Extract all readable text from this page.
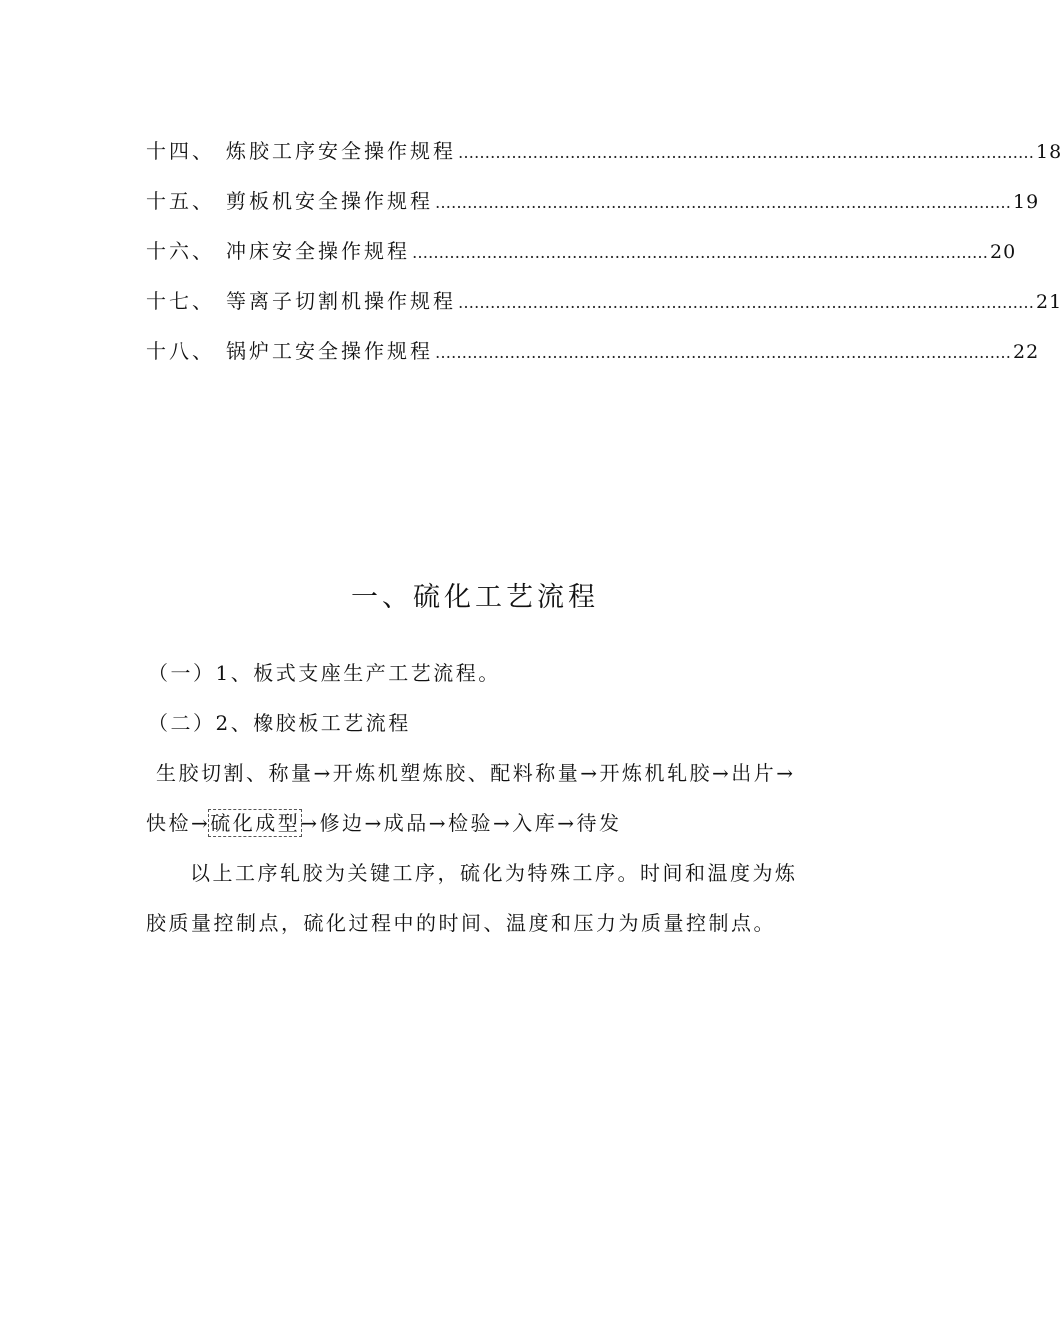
十四、 炼胶工序安全操作规程 ……………………………………………………………………………………………… 18
十五、 剪板机安全操作规程 ……………………………………………………………………………………………… 19
十六、 冲床安全操作规程 ……………………………………………………………………………………………… 20
十七、 等离子切割机操作规程 ……………………………………………………………………………………………… 21
十八、 锅炉工安全操作规程 ……………………………………………………………………………………………… 22
一、硫化工艺流程
（一）1、板式支座生产工艺流程。
（二）2、橡胶板工艺流程
生胶切割、称量→开炼机塑炼胶、配料称量→开炼机轧胶→出片→
快检→硫化成型→修边→成品→检验→入库→待发
以上工序轧胶为关键工序，硫化为特殊工序。时间和温度为炼
胶质量控制点，硫化过程中的时间、温度和压力为质量控制点。
